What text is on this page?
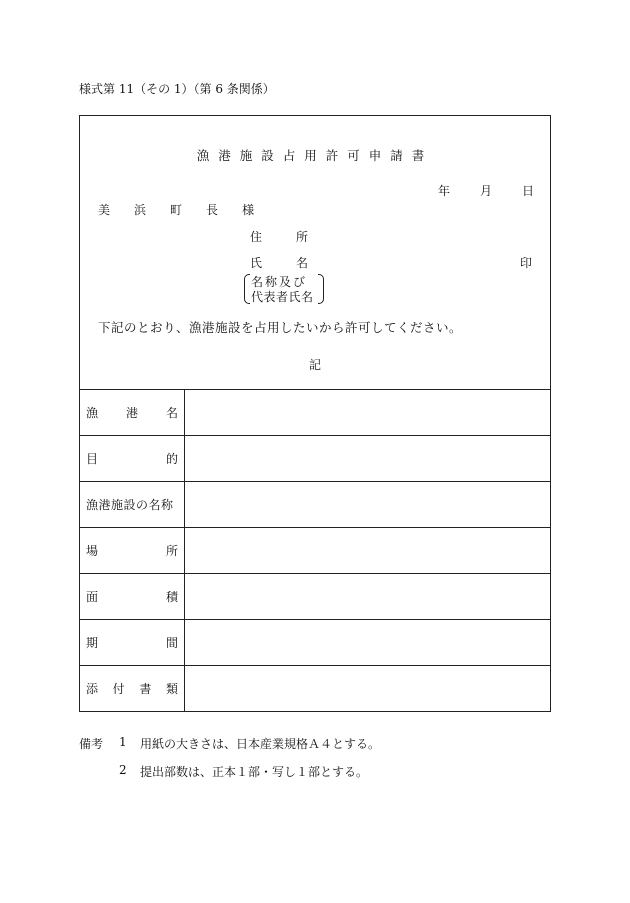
様式第 11（その 1）（第 6 条関係）
漁港施設占用許可申請書
年 月 日
美 浜 町 長 様
住	所
氏	名	印
名称及び
代表者氏名
下記のとおり、漁港施設を占用したいから許可してください。
記
漁 港 名	

目 的	

漁港施設の名称	

場 所	

面 積	

期 間	

添 付 書 類	

備考 1 用紙の大きさは、日本産業規格Ａ４とする。
2 提出部数は、正本１部・写し１部とする。
